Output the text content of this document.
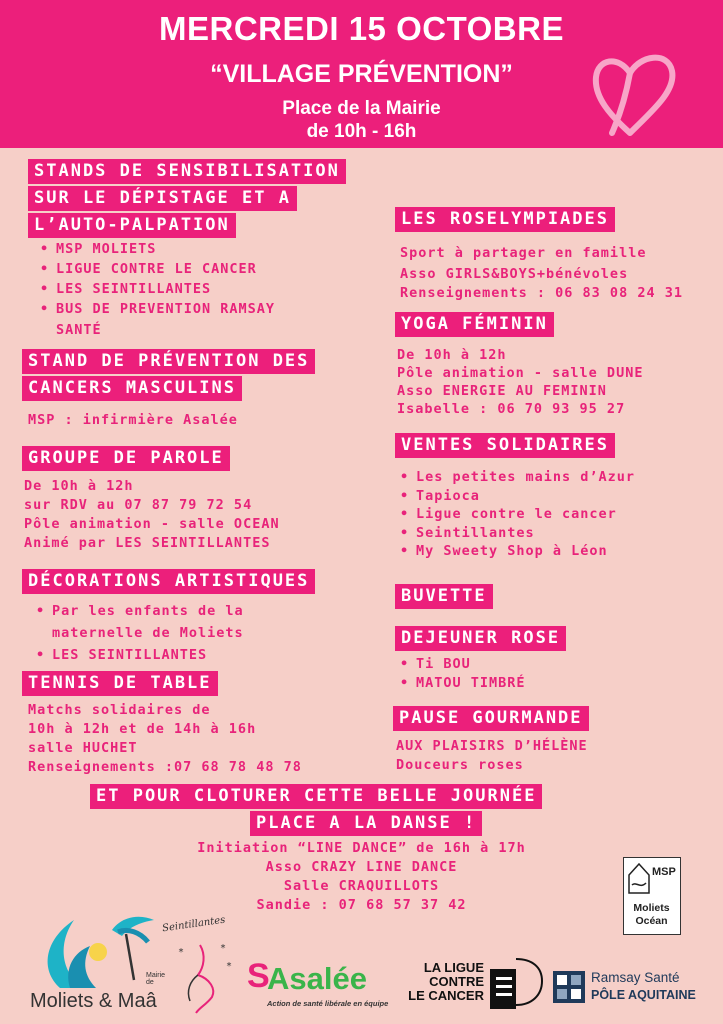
MERCREDI 15 OCTOBRE
“VILLAGE PRÉVENTION”
Place de la Mairie
de 10h - 16h
STANDS DE SENSIBILISATION
SUR LE DÉPISTAGE ET A
L’AUTO-PALPATION
• MSP MOLIETS
• LIGUE CONTRE LE CANCER
• LES SEINTILLANTES
• BUS DE PREVENTION RAMSAY
SANTÉ
STAND DE PRÉVENTION DES
CANCERS MASCULINS
MSP : infirmière Asalée
GROUPE DE PAROLE
De 10h à 12h
sur RDV au 07 87 79 72 54
Pôle animation - salle OCEAN
Animé par LES SEINTILLANTES
DÉCORATIONS ARTISTIQUES
• Par les enfants de la
maternelle de Moliets
• LES SEINTILLANTES
TENNIS DE TABLE
Matchs solidaires de
10h à 12h et de 14h à 16h
salle HUCHET
Renseignements :07 68 78 48 78
LES ROSELYMPIADES
Sport à partager en famille
Asso GIRLS&BOYS+bénévoles
Renseignements : 06 83 08 24 31
YOGA FÉMININ
De 10h à 12h
Pôle animation - salle DUNE
Asso ENERGIE AU FEMININ
Isabelle : 06 70 93 95 27
VENTES SOLIDAIRES
• Les petites mains d’Azur
• Tapioca
• Ligue contre le cancer
• Seintillantes
• My Sweety Shop à Léon
BUVETTE
DEJEUNER ROSE
• Ti BOU
• MATOU TIMBRÉ
PAUSE GOURMANDE
AUX PLAISIRS D’HÉLÈNE
Douceurs roses
ET POUR CLOTURER CETTE BELLE JOURNÉE
PLACE A LA DANSE !
Initiation “LINE DANCE” de 16h à 17h
Asso CRAZY LINE DANCE
Salle CRAQUILLOTS
Sandie : 07 68 57 37 42
MSP
Moliets
Océan
Mairie de
Moliets & Maâ
Seintillantes
*
*
*
S
Asalée
Action de santé libérale en équipe
LA LIGUE
CONTRE
LE CANCER
Ramsay Santé
PÔLE AQUITAINE
